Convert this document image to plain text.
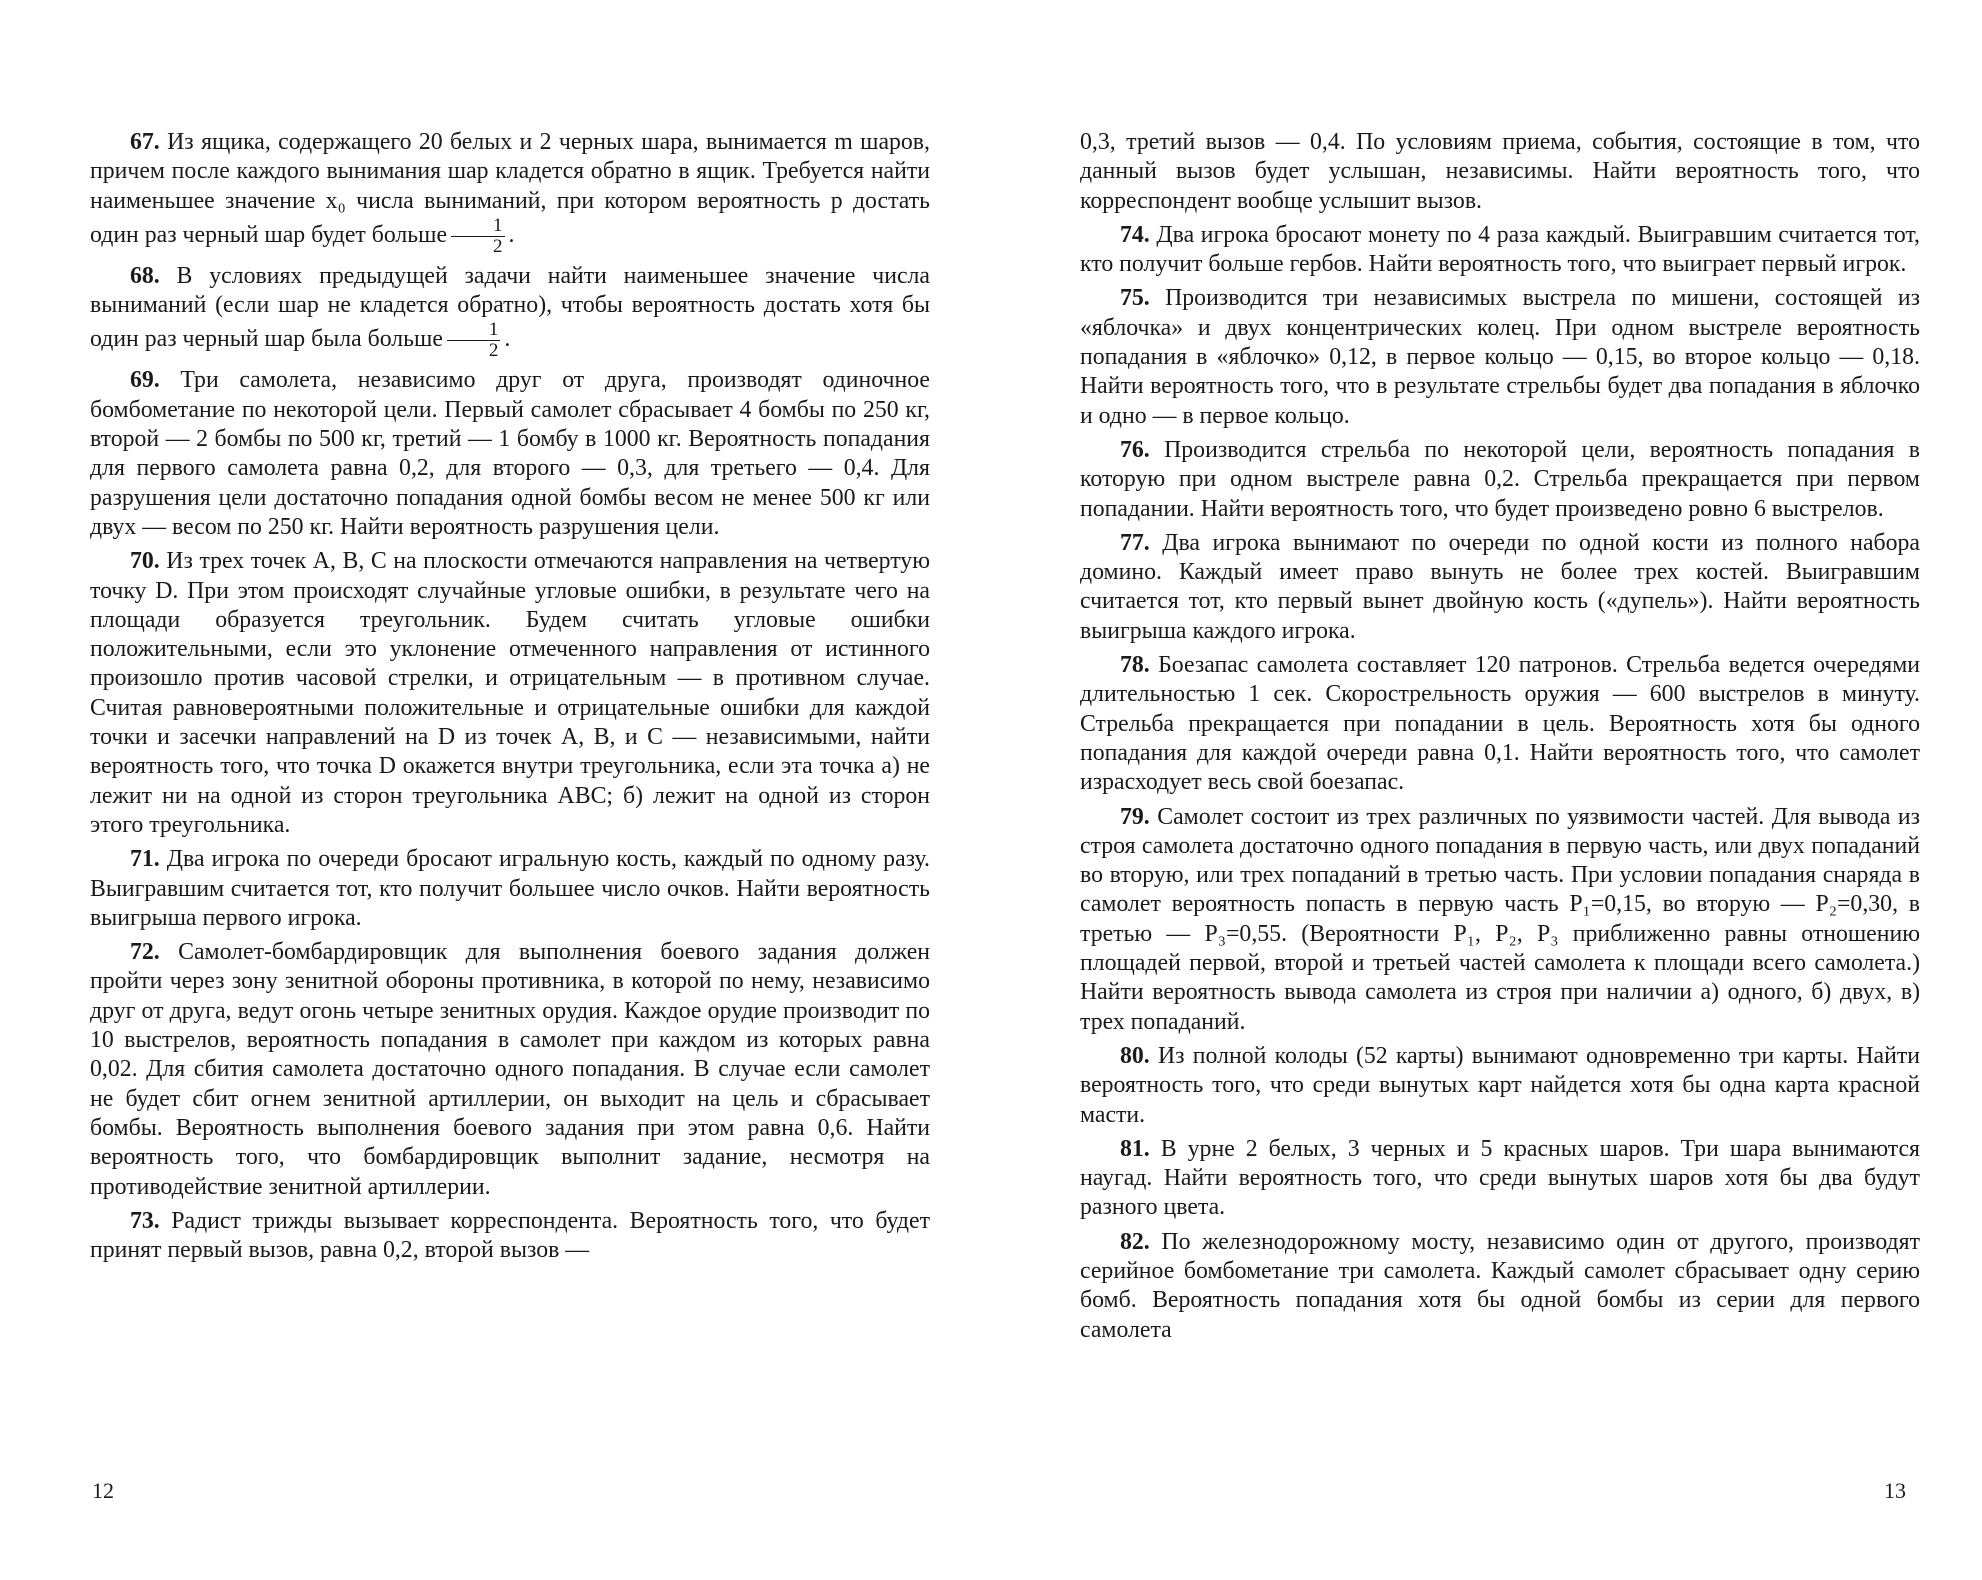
67. Из ящика, содержащего 20 белых и 2 черных шара, вынимается m шаров, причем после каждого вынимания шар кладется обратно в ящик. Требуется найти наименьшее значение x₀ числа выниманий, при котором вероятность p достать один раз черный шар будет больше $\frac{1}{2}$ .

68. В условиях предыдущей задачи найти наименьшее значение числа выниманий (если шар не кладется обратно), чтобы вероятность достать хотя бы один раз черный шар была больше $\frac{1}{2}$ .

69. Три самолета, независимо друг от друга, производят одиночное бомбометание по некоторой цели. Первый самолет сбрасывает 4 бомбы по 250 кг, второй — 2 бомбы по 500 кг, третий — 1 бомбу в 1000 кг. Вероятность попадания для первого самолета равна 0,2, для второго — 0,3, для третьего — 0,4. Для разрушения цели достаточно попадания одной бомбы весом не менее 500 кг или двух — весом по 250 кг. Найти вероятность разрушения цели.

70. Из трех точек A, B, C на плоскости отмечаются направления на четвертую точку D. При этом происходят случайные угловые ошибки, в результате чего на площади образуется треугольник. Будем считать угловые ошибки положительными, если это уклонение отмеченного направления от истинного произошло против часовой стрелки, и отрицательным — в противном случае. Считая равновероятными положительные и отрицательные ошибки для каждой точки и засечки направлений на D из точек A, B, и C — независимыми, найти вероятность того, что точка D окажется внутри треугольника, если эта точка а) не лежит ни на одной из сторон треугольника ABC; б) лежит на одной из сторон этого треугольника.

71. Два игрока по очереди бросают игральную кость, каждый по одному разу. Выигравшим считается тот, кто получит большее число очков. Найти вероятность выигрыша первого игрока.

72. Самолет-бомбардировщик для выполнения боевого задания должен пройти через зону зенитной обороны противника, в которой по нему, независимо друг от друга, ведут огонь четыре зенитных орудия. Каждое орудие производит по 10 выстрелов, вероятность попадания в самолет при каждом из которых равна 0,02. Для сбития самолета достаточно одного попадания. В случае если самолет не будет сбит огнем зенитной артиллерии, он выходит на цель и сбрасывает бомбы. Вероятность выполнения боевого задания при этом равна 0,6. Найти вероятность того, что бомбардировщик выполнит задание, несмотря на противодействие зенитной артиллерии.

73. Радист трижды вызывает корреспондента. Вероятность того, что будет принят первый вызов, равна 0,2, второй вызов —

0,3, третий вызов — 0,4. По условиям приема, события, состоящие в том, что данный вызов будет услышан, независимы. Найти вероятность того, что корреспондент вообще услышит вызов.

74. Два игрока бросают монету по 4 раза каждый. Выигравшим считается тот, кто получит больше гербов. Найти вероятность того, что выиграет первый игрок.

75. Производится три независимых выстрела по мишени, состоящей из «яблочка» и двух концентрических колец. При одном выстреле вероятность попадания в «яблочко» 0,12, в первое кольцо — 0,15, во второе кольцо — 0,18. Найти вероятность того, что в результате стрельбы будет два попадания в яблочко и одно — в первое кольцо.

76. Производится стрельба по некоторой цели, вероятность попадания в которую при одном выстреле равна 0,2. Стрельба прекращается при первом попадании. Найти вероятность того, что будет произведено ровно 6 выстрелов.

77. Два игрока вынимают по очереди по одной кости из полного набора домино. Каждый имеет право вынуть не более трех костей. Выигравшим считается тот, кто первый вынет двойную кость («дупель»). Найти вероятность выигрыша каждого игрока.

78. Боезапас самолета составляет 120 патронов. Стрельба ведется очередями длительностью 1 сек. Скорострельность оружия — 600 выстрелов в минуту. Стрельба прекращается при попадании в цель. Вероятность хотя бы одного попадания для каждой очереди равна 0,1. Найти вероятность того, что самолет израсходует весь свой боезапас.

79. Самолет состоит из трех различных по уязвимости частей. Для вывода из строя самолета достаточно одного попадания в первую часть, или двух попаданий во вторую, или трех попаданий в третью часть. При условии попадания снаряда в самолет вероятность попасть в первую часть P₁=0,15, во вторую — P₂=0,30, в третью — P₃=0,55. (Вероятности P₁, P₂, P₃ приближенно равны отношению площадей первой, второй и третьей частей самолета к площади всего самолета.) Найти вероятность вывода самолета из строя при наличии а) одного, б) двух, в) трех попаданий.

80. Из полной колоды (52 карты) вынимают одновременно три карты. Найти вероятность того, что среди вынутых карт найдется хотя бы одна карта красной масти.

81. В урне 2 белых, 3 черных и 5 красных шаров. Три шара вынимаются наугад. Найти вероятность того, что среди вынутых шаров хотя бы два будут разного цвета.

82. По железнодорожному мосту, независимо один от другого, производят серийное бомбометание три самолета. Каждый самолет сбрасывает одну серию бомб. Вероятность попадания хотя бы одной бомбы из серии для первого самолета

12	13
